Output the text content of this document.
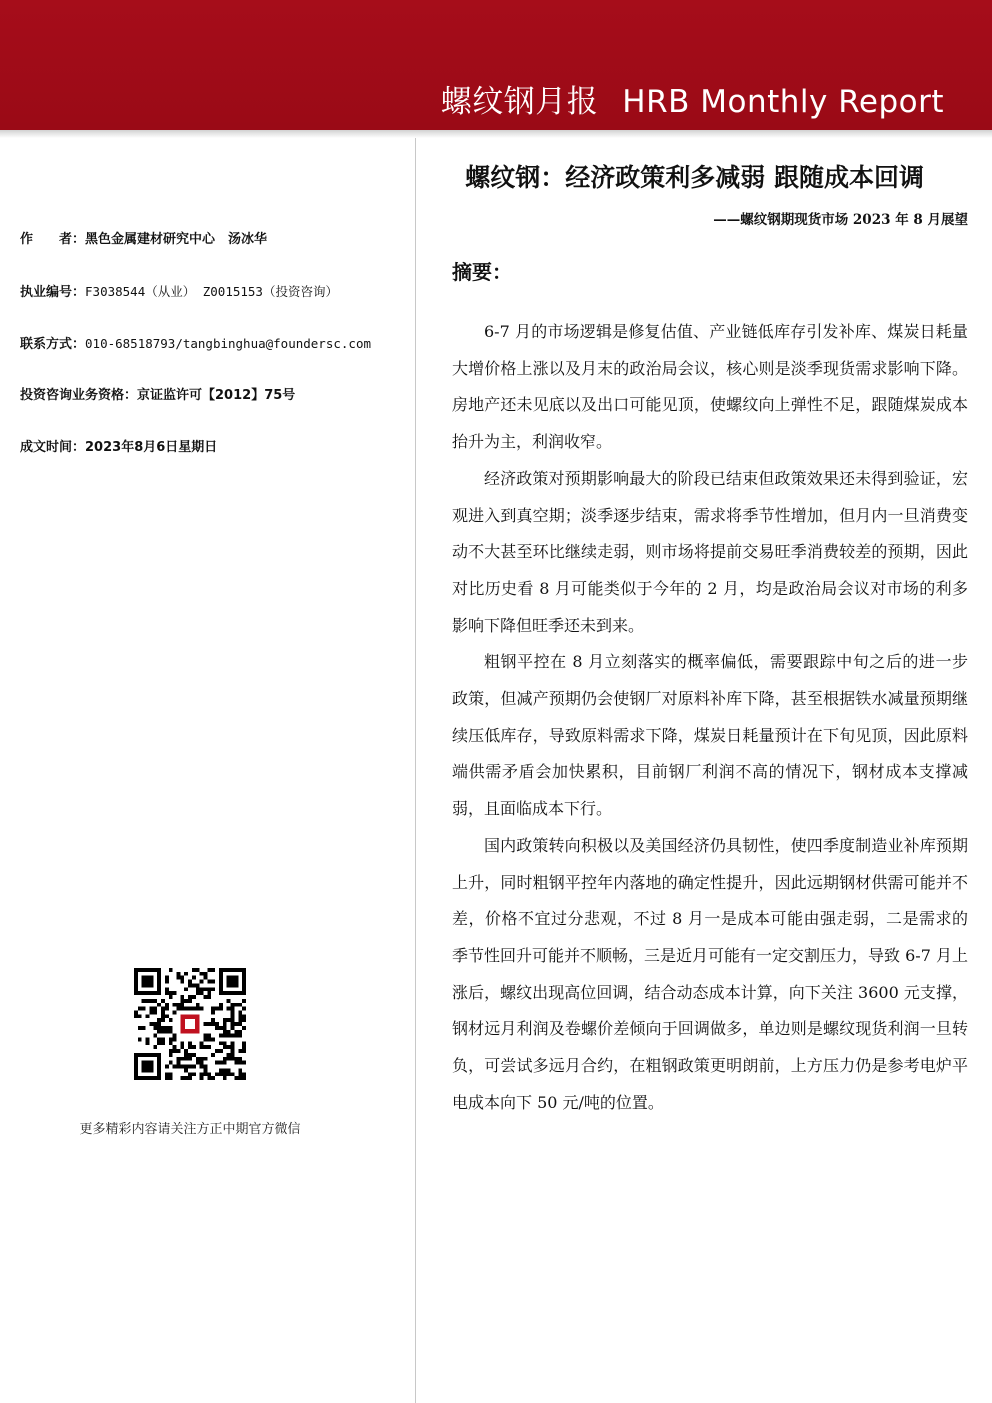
螺纹钢月报 HRB Monthly Report
作　　者：黑色金属建材研究中心　汤冰华
执业编号：F3038544（从业） Z0015153（投资咨询）
联系方式：010-68518793/tangbinghua@foundersc.com
投资咨询业务资格：京证监许可【2012】75号
成文时间：2023年8月6日星期日
更多精彩内容请关注方正中期官方微信
螺纹钢：经济政策利多减弱 跟随成本回调
——螺纹钢期现货市场 2023 年 8 月展望
摘要：

6-7 月的市场逻辑是修复估值、产业链低库存引发补库、煤炭日耗量大增价格上涨以及月末的政治局会议，核心则是淡季现货需求影响下降。房地产还未见底以及出口可能见顶，使螺纹向上弹性不足，跟随煤炭成本抬升为主，利润收窄。

经济政策对预期影响最大的阶段已结束但政策效果还未得到验证，宏观进入到真空期；淡季逐步结束，需求将季节性增加，但月内一旦消费变动不大甚至环比继续走弱，则市场将提前交易旺季消费较差的预期，因此对比历史看 8 月可能类似于今年的 2 月，均是政治局会议对市场的利多影响下降但旺季还未到来。

粗钢平控在 8 月立刻落实的概率偏低，需要跟踪中旬之后的进一步政策，但减产预期仍会使钢厂对原料补库下降，甚至根据铁水减量预期继续压低库存，导致原料需求下降，煤炭日耗量预计在下旬见顶，因此原料端供需矛盾会加快累积，目前钢厂利润不高的情况下，钢材成本支撑减弱，且面临成本下行。

国内政策转向积极以及美国经济仍具韧性，使四季度制造业补库预期上升，同时粗钢平控年内落地的确定性提升，因此远期钢材供需可能并不差，价格不宜过分悲观，不过 8 月一是成本可能由强走弱，二是需求的季节性回升可能并不顺畅，三是近月可能有一定交割压力，导致 6-7 月上涨后，螺纹出现高位回调，结合动态成本计算，向下关注 3600 元支撑，钢材远月利润及卷螺价差倾向于回调做多，单边则是螺纹现货利润一旦转负，可尝试多远月合约，在粗钢政策更明朗前，上方压力仍是参考电炉平电成本向下 50 元/吨的位置。
